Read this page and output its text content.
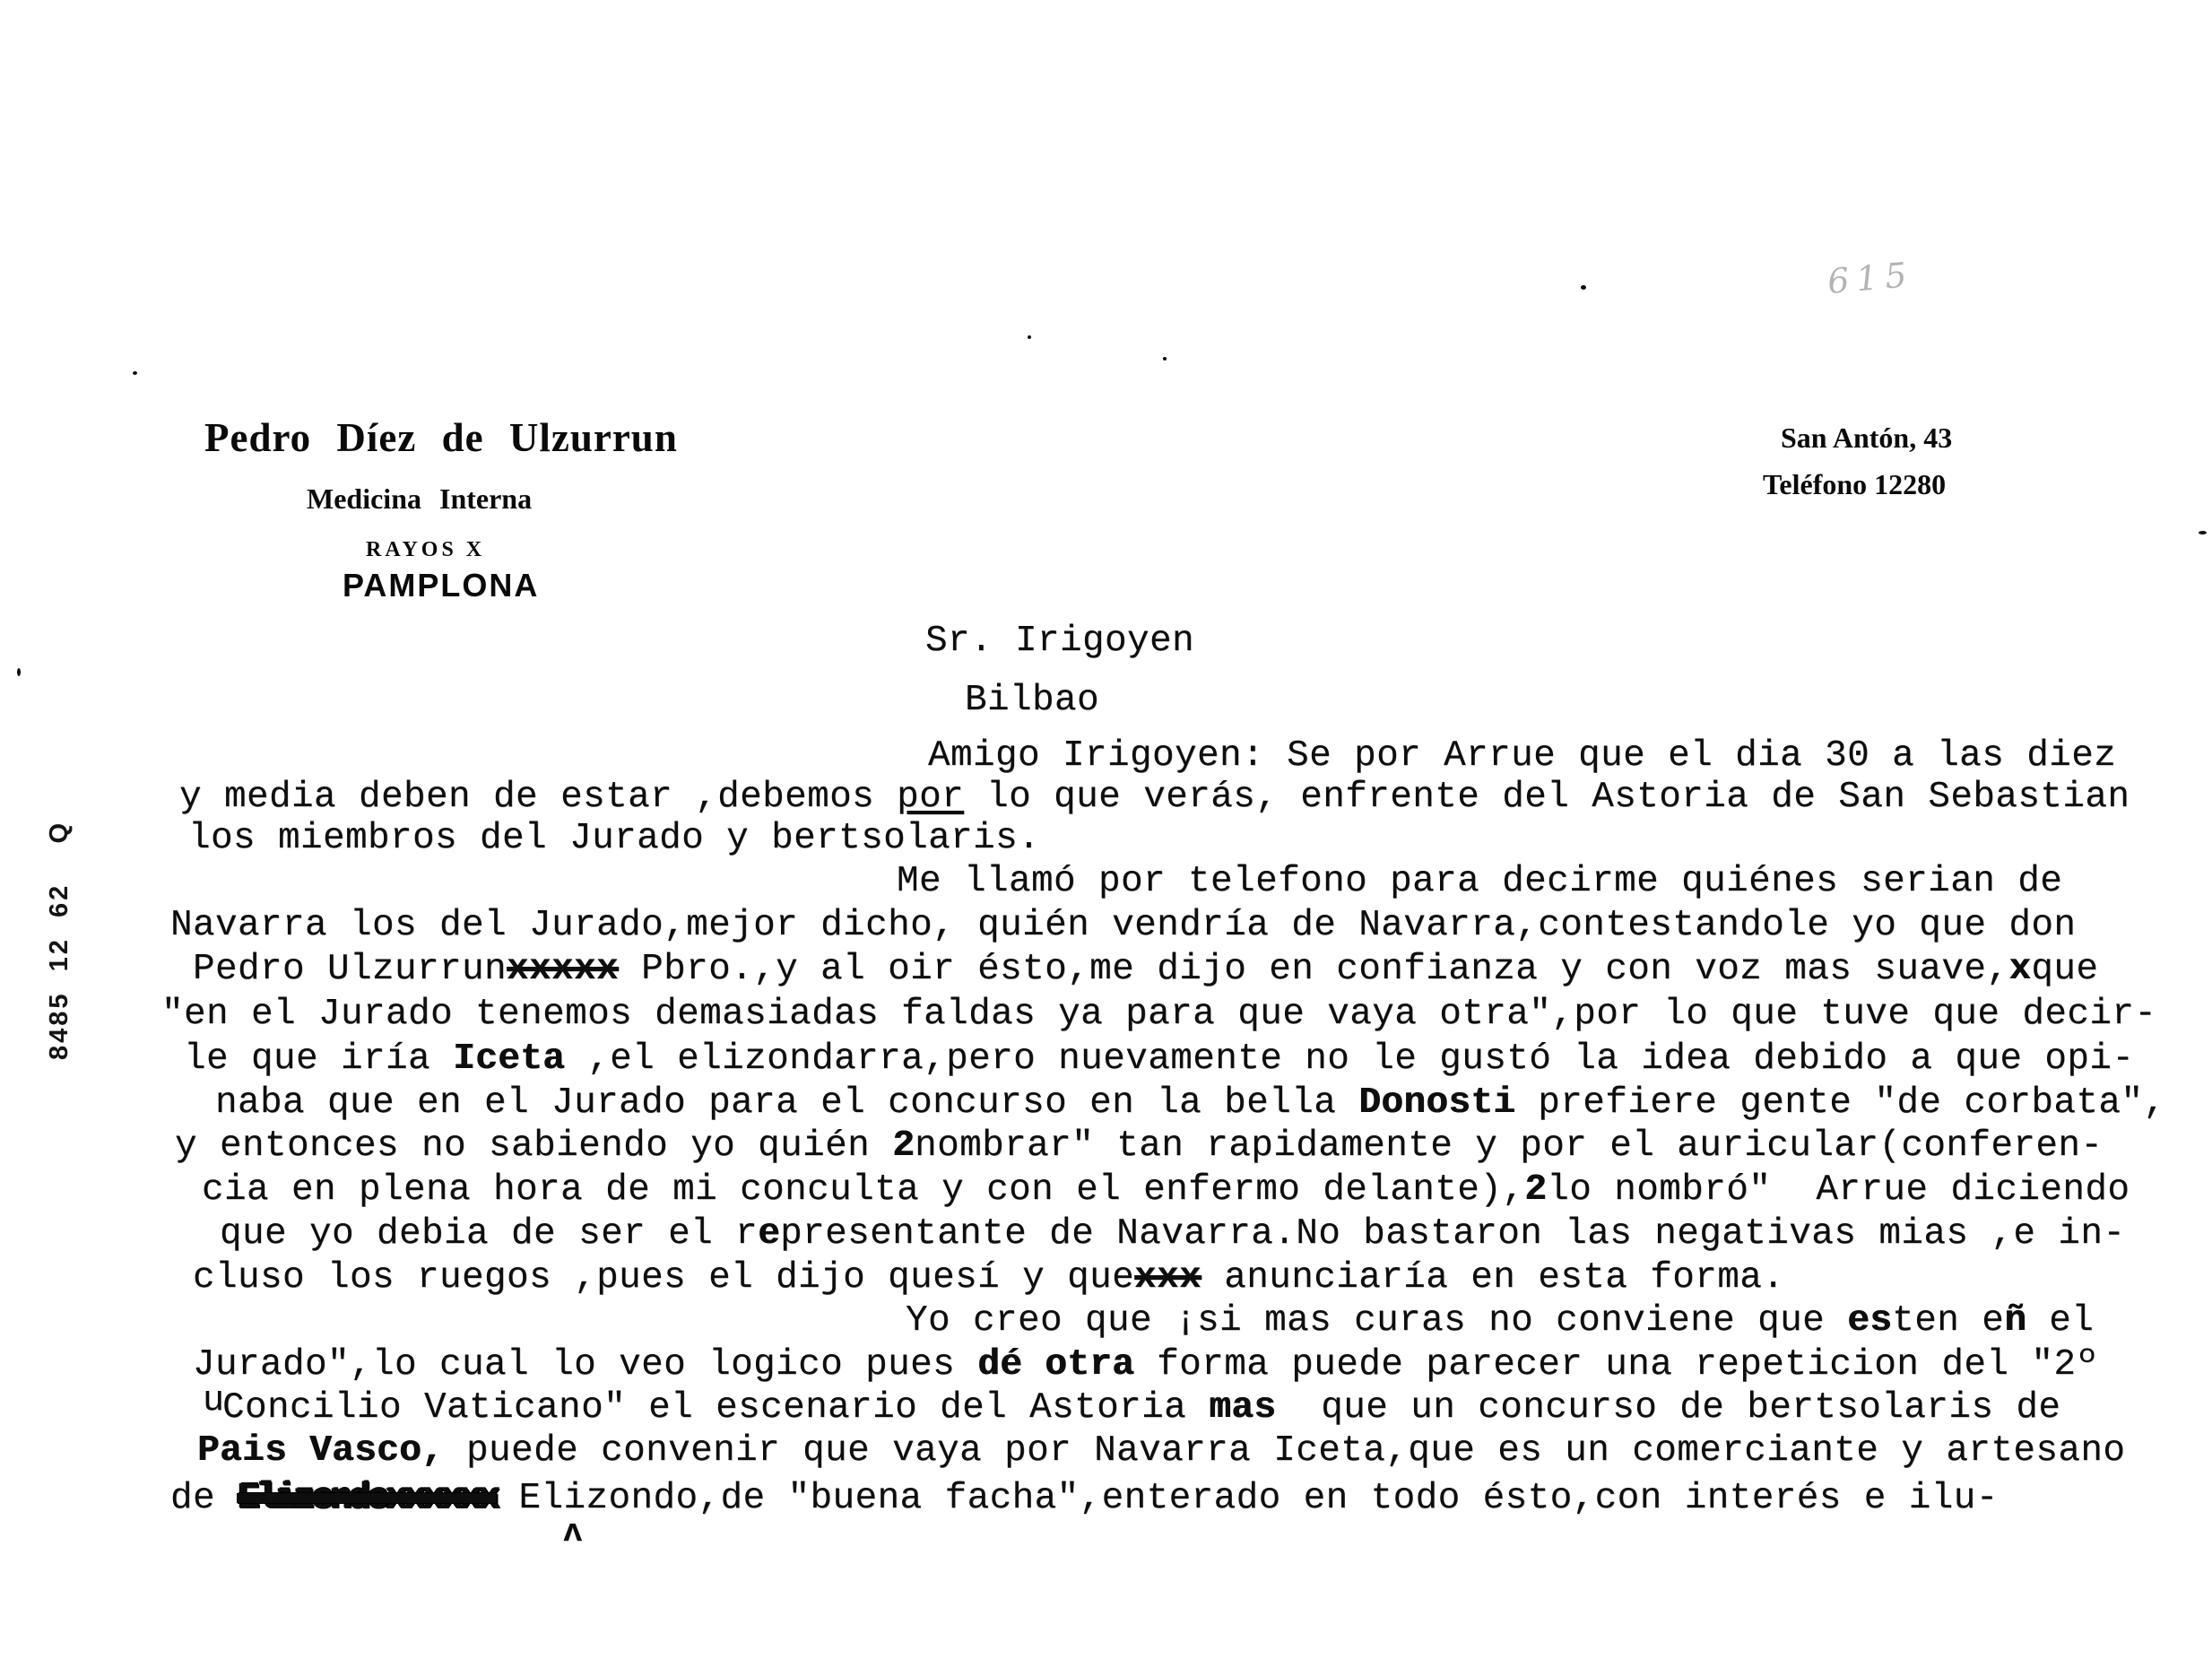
Pedro Díez de Ulzurrun
Medicina Interna
RAYOS X
PAMPLONA
San Antón, 43
Teléfono 12280
615
8485  12  62    Q
Sr. Irigoyen
Bilbao
Amigo Irigoyen: Se por Arrue que el dia 30 a las diez
y media deben de estar ,debemos por lo que verás, enfrente del Astoria de San Sebastian
los miembros del Jurado y bertsolaris.
Me llamó por telefono para decirme quiénes serian de
Navarra los del Jurado,mejor dicho, quién vendría de Navarra,contestandole yo que don
Pedro Ulzurrunxxxxx Pbro.,y al oir ésto,me dijo en confianza y con voz mas suave,xque
"en el Jurado tenemos demasiadas faldas ya para que vaya otra",por lo que tuve que decir-
le que iría Iceta ,el elizondarra,pero nuevamente no le gustó la idea debido a que opi-
naba que en el Jurado para el concurso en la bella Donosti prefiere gente "de corbata",
y entonces no sabiendo yo quién 2nombrar" tan rapidamente y por el auricular(conferen-
cia en plena hora de mi conculta y con el enfermo delante),2lo nombró"  Arrue diciendo
que yo debia de ser el representante de Navarra.No bastaron las negativas mias ,e in-
cluso los ruegos ,pues el dijo quesí y quexxx anunciaría en esta forma.
Yo creo que ¡si mas curas no conviene que esten eñ el
Jurado",lo cual lo veo logico pues dé otra forma puede parecer una repeticion del "2º
Concilio Vaticano" el escenario del Astoria mas  que un concurso de bertsolaris de
Pais Vasco, puede convenir que vaya por Navarra Iceta,que es un comerciante y artesano
de Elizondoxxxxxx Elizondo,de "buena facha",enterado en todo ésto,con interés e ilu-
u
ʌ
